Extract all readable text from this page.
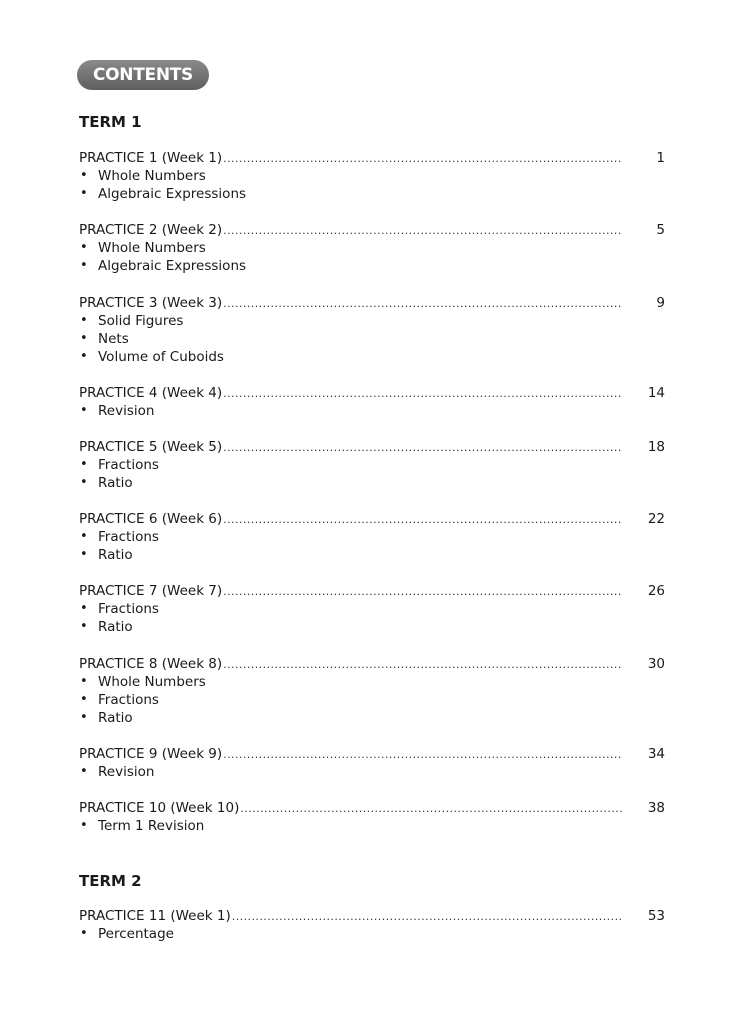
CONTENTS
TERM 1
PRACTICE 1 (Week 1) .....	1
• Whole Numbers
• Algebraic Expressions
PRACTICE 2 (Week 2) .....	5
• Whole Numbers
• Algebraic Expressions
PRACTICE 3 (Week 3) .....	9
• Solid Figures
• Nets
• Volume of Cuboids
PRACTICE 4 (Week 4) .....	14
• Revision
PRACTICE 5 (Week 5) .....	18
• Fractions
• Ratio
PRACTICE 6 (Week 6) .....	22
• Fractions
• Ratio
PRACTICE 7 (Week 7) .....	26
• Fractions
• Ratio
PRACTICE 8 (Week 8) .....	30
• Whole Numbers
• Fractions
• Ratio
PRACTICE 9 (Week 9) .....	34
• Revision
PRACTICE 10 (Week 10) .....	38
• Term 1 Revision
TERM 2
PRACTICE 11 (Week 1) .....	53
• Percentage
